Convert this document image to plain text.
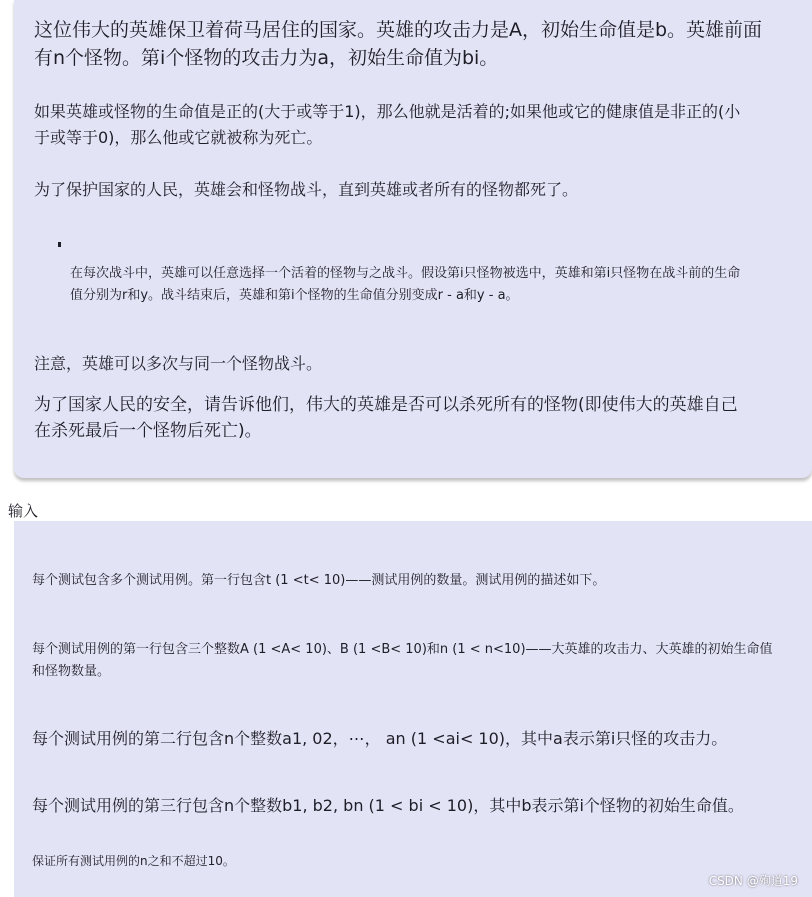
这位伟大的英雄保卫着荷马居住的国家。英雄的攻击力是A，初始生命值是b。英雄前面
有n个怪物。第i个怪物的攻击力为a，初始生命值为bi。

如果英雄或怪物的生命值是正的(大于或等于1)，那么他就是活着的;如果他或它的健康值是非正的(小
于或等于0)，那么他或它就被称为死亡。

为了保护国家的人民，英雄会和怪物战斗，直到英雄或者所有的怪物都死了。

在每次战斗中，英雄可以任意选择一个活着的怪物与之战斗。假设第i只怪物被选中，英雄和第i只怪物在战斗前的生命
值分别为r和y。战斗结束后，英雄和第i个怪物的生命值分别变成r - a和y - a。

注意，英雄可以多次与同一个怪物战斗。

为了国家人民的安全，请告诉他们，伟大的英雄是否可以杀死所有的怪物(即使伟大的英雄自己
在杀死最后一个怪物后死亡)。

输入

每个测试包含多个测试用例。第一行包含t (1 <t< 10)——测试用例的数量。测试用例的描述如下。

每个测试用例的第一行包含三个整数A (1 <A< 10)、B (1 <B< 10)和n (1 < n<10)——大英雄的攻击力、大英雄的初始生命值
和怪物数量。

每个测试用例的第二行包含n个整数a1, 02，⋯， an (1 <ai< 10)，其中a表示第i只怪的攻击力。

每个测试用例的第三行包含n个整数b1, b2, bn (1 < bi < 10)，其中b表示第i个怪物的初始生命值。

保证所有测试用例的n之和不超过10。

CSDN @殉道19
